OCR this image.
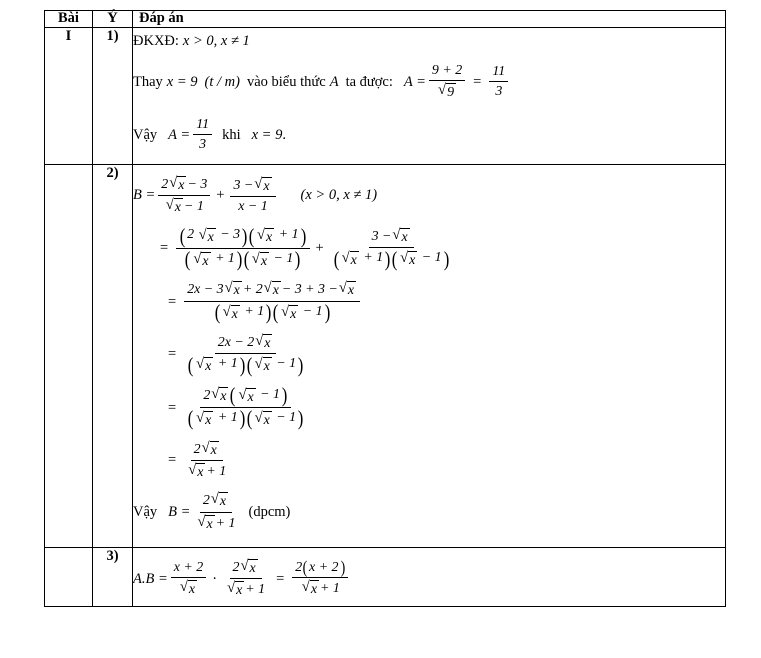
Bài	Ý	Đáp án
I	1)	ĐKXĐ: x > 0, x ≠ 1
Thay x = 9 (t / m) vào biểu thức A ta được: $A = \frac{9 + 2}{√ 9} = \frac{11}{3}$
Vậy $A = \frac{11}{3}$ khi x = 9 .

	2)	
$B = \frac{2 √ x - 3}{√ x - 1} + \frac{3 - √ x}{x - 1} (x > 0$, x ≠ 1)
=
( 2 √ x − 3 ) ( √ x + 1 )
( √ x + 1 ) ( √ x − 1 ) +
3 − √ x
( √ x + 1 ) ( √ x − 1 )
=
2x − 3 √ x + 2 √ x − 3 + 3 − √ x
( √ x + 1 ) ( √ x − 1 )
=
2x − 2 √ x
( √ x + 1 ) ( √ x − 1 )
=
2 √ x ( √ x − 1 )
( √ x + 1 ) ( √ x − 1 )
= $\frac{2 √ x}{√ x + 1}$
Vậy $B = \frac{2 √ x}{√ x + 1}$ (dpcm)

	3)	
$A.B = \frac{x + 2}{√ x} \cdot \frac{2 √ x}{√ x + 1}$ =
2 ( x + 2 )
√ x + 1
